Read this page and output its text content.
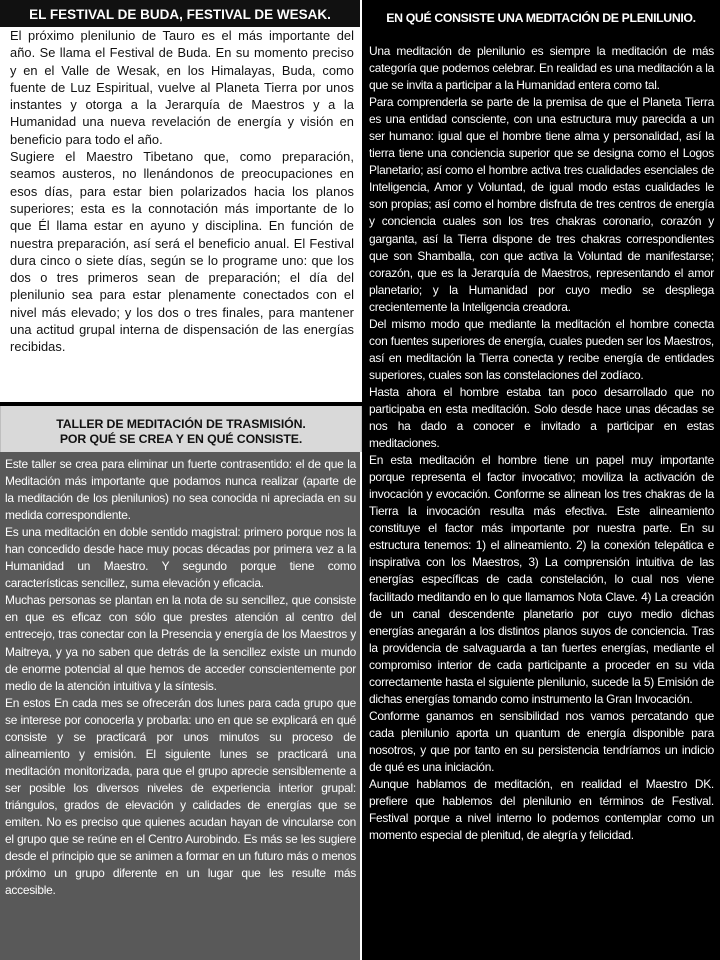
EL FESTIVAL DE BUDA, FESTIVAL DE WESAK.

El próximo plenilunio de Tauro es el más importante del año. Se llama el Festival de Buda. En su momento preciso y en el Valle de Wesak, en los Himalayas, Buda, como fuente de Luz Espiritual, vuelve al Planeta Tierra por unos instantes y otorga a la Jerarquía de Maestros y a la Humanidad una nueva revelación de energía y visión en beneficio para todo el año.

Sugiere el Maestro Tibetano que, como preparación, seamos austeros, no llenándonos de preocupaciones en esos días, para estar bien polarizados hacia los planos superiores; esta es la connotación más importante de lo que Él llama estar en ayuno y disciplina. En función de nuestra preparación, así será el beneficio anual. El Festival dura cinco o siete días, según se lo programe uno: que los dos o tres primeros sean de preparación; el día del plenilunio sea para estar plenamente conectados con el nivel más elevado; y los dos o tres finales, para mantener una actitud grupal interna de dispensación de las energías recibidas.

TALLER DE MEDITACIÓN DE TRASMISIÓN.
POR QUÉ SE CREA Y EN QUÉ CONSISTE.

Este taller se crea para eliminar un fuerte contrasentido: el de que la Meditación más importante que podamos nunca realizar (aparte de la meditación de los plenilunios) no sea conocida ni apreciada en su medida correspondiente.

Es una meditación en doble sentido magistral: primero porque nos la han concedido desde hace muy pocas décadas por primera vez a la Humanidad un Maestro. Y segundo porque tiene como características sencillez, suma elevación y eficacia.

Muchas personas se plantan en la nota de su sencillez, que consiste en que es eficaz con sólo que prestes atención al centro del entrecejo, tras conectar con la Presencia y energía de los Maestros y Maitreya, y ya no saben que detrás de la sencillez existe un mundo de enorme potencial al que hemos de acceder conscientemente por medio de la atención intuitiva y la síntesis.

En estos En cada mes se ofrecerán dos lunes para cada grupo que se interese por conocerla y probarla: uno en que se explicará en qué consiste y se practicará por unos minutos su proceso de alineamiento y emisión. El siguiente lunes se practicará una meditación monitorizada, para que el grupo aprecie sensiblemente a ser posible los diversos niveles de experiencia interior grupal: triángulos, grados de elevación y calidades de energías que se emiten. No es preciso que quienes acudan hayan de vincularse con el grupo que se reúne en el Centro Aurobindo. Es más se les sugiere desde el principio que se animen a formar en un futuro más o menos próximo un grupo diferente en un lugar que les resulte más accesible.

EN QUÉ CONSISTE UNA MEDITACIÓN DE PLENILUNIO.

Una meditación de plenilunio es siempre la meditación de más categoría que podemos celebrar. En realidad es una meditación a la que se invita a participar a la Humanidad entera como tal.

Para comprenderla se parte de la premisa de que el Planeta Tierra es una entidad consciente, con una estructura muy parecida a un ser humano: igual que el hombre tiene alma y personalidad, así la tierra tiene una conciencia superior que se designa como el Logos Planetario; así como el hombre activa tres cualidades esenciales de Inteligencia, Amor y Voluntad, de igual modo estas cualidades le son propias; así como el hombre disfruta de tres centros de energía y conciencia cuales son los tres chakras coronario, corazón y garganta, así la Tierra dispone de tres chakras correspondientes que son Shamballa, con que activa la Voluntad de manifestarse; corazón, que es la Jerarquía de Maestros, representando el amor planetario; y la Humanidad por cuyo medio se despliega crecientemente la Inteligencia creadora.

Del mismo modo que mediante la meditación el hombre conecta con fuentes superiores de energía, cuales pueden ser los Maestros, así en meditación la Tierra conecta y recibe energía de entidades superiores, cuales son las constelaciones del zodíaco.

Hasta ahora el hombre estaba tan poco desarrollado que no participaba en esta meditación. Solo desde hace unas décadas se nos ha dado a conocer e invitado a participar en estas meditaciones.

En esta meditación el hombre tiene un papel muy importante porque representa el factor invocativo; moviliza la activación de invocación y evocación. Conforme se alinean los tres chakras de la Tierra la invocación resulta más efectiva. Este alineamiento constituye el factor más importante por nuestra parte. En su estructura tenemos: 1) el alineamiento. 2) la conexión telepática e inspirativa con los Maestros, 3) La comprensión intuitiva de las energías específicas de cada constelación, lo cual nos viene facilitado meditando en lo que llamamos Nota Clave. 4) La creación de un canal descendente planetario por cuyo medio dichas energías anegarán a los distintos planos suyos de conciencia. Tras la providencia de salvaguarda a tan fuertes energías, mediante el compromiso interior de cada participante a proceder en su vida correctamente hasta el siguiente plenilunio, sucede la 5) Emisión de dichas energías tomando como instrumento la Gran Invocación.

Conforme ganamos en sensibilidad nos vamos percatando que cada plenilunio aporta un quantum de energía disponible para nosotros, y que por tanto en su persistencia tendríamos un indicio de qué es una iniciación.

Aunque hablamos de meditación, en realidad el Maestro DK. prefiere que hablemos del plenilunio en términos de Festival. Festival porque a nivel interno lo podemos contemplar como un momento especial de plenitud, de alegría y felicidad.
